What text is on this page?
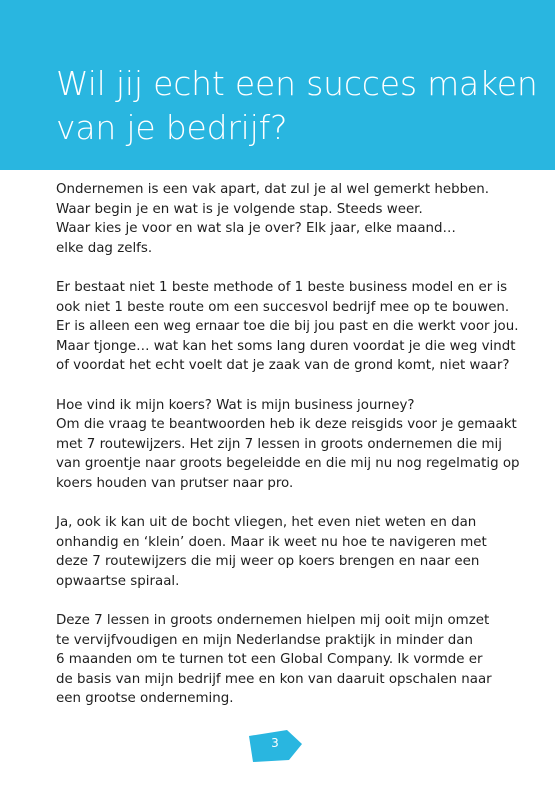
Wil jij echt een succes maken
van je bedrijf?

Ondernemen is een vak apart, dat zul je al wel gemerkt hebben.
Waar begin je en wat is je volgende stap. Steeds weer.
Waar kies je voor en wat sla je over? Elk jaar, elke maand…
elke dag zelfs.

Er bestaat niet 1 beste methode of 1 beste business model en er is
ook niet 1 beste route om een succesvol bedrijf mee op te bouwen.
Er is alleen een weg ernaar toe die bij jou past en die werkt voor jou.
Maar tjonge… wat kan het soms lang duren voordat je die weg vindt
of voordat het echt voelt dat je zaak van de grond komt, niet waar?

Hoe vind ik mijn koers? Wat is mijn business journey?
Om die vraag te beantwoorden heb ik deze reisgids voor je gemaakt
met 7 routewijzers. Het zijn 7 lessen in groots ondernemen die mij
van groentje naar groots begeleidde en die mij nu nog regelmatig op
koers houden van prutser naar pro.

Ja, ook ik kan uit de bocht vliegen, het even niet weten en dan
onhandig en ‘klein’ doen. Maar ik weet nu hoe te navigeren met
deze 7 routewijzers die mij weer op koers brengen en naar een
opwaartse spiraal.

Deze 7 lessen in groots ondernemen hielpen mij ooit mijn omzet
te vervijfvoudigen en mijn Nederlandse praktijk in minder dan
6 maanden om te turnen tot een Global Company. Ik vormde er
de basis van mijn bedrijf mee en kon van daaruit opschalen naar
een grootse onderneming.

3
